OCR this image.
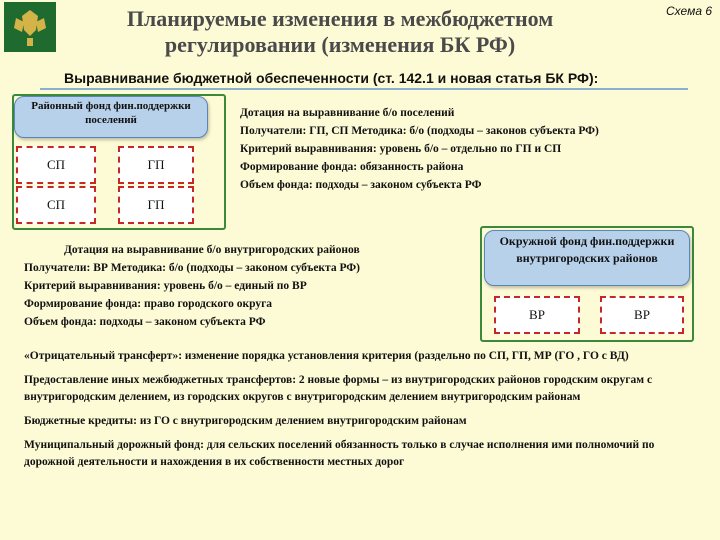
Планируемые изменения в межбюджетном
регулировании (изменения БК РФ)
Схема 6
Выравнивание бюджетной обеспеченности (ст. 142.1 и новая статья БК РФ):
Районный фонд фин.поддержки поселений
СП	ГП
СП	ГП
Дотация на выравнивание б/о поселений
Получатели: ГП, СП Методика: б/о (подходы – законов субъекта РФ)
Критерий выравнивания: уровень б/о – отдельно по ГП и СП
Формирование фонда: обязанность района
Объем фонда: подходы – законом субъекта РФ
Дотация на выравнивание б/о внутригородских районов
Получатели: ВР Методика: б/о (подходы – законом субъекта РФ)
Критерий выравнивания: уровень б/о – единый по ВР
Формирование фонда: право городского округа
Объем фонда: подходы – законом субъекта РФ
Окружной фонд фин.поддержки внутригородских районов
ВР	ВР

«Отрицательный трансферт»: изменение порядка установления критерия (раздельно по СП, ГП, МР (ГО , ГО с ВД)

Предоставление иных межбюджетных трансфертов: 2 новые формы – из внутригородских районов городским округам с внутригородским делением, из городских округов с внутригородским делением внутригородским районам

Бюджетные кредиты: из ГО с внутригородским делением внутригородским районам

Муниципальный дорожный фонд: для сельских поселений обязанность только в случае исполнения ими полномочий по дорожной деятельности и нахождения в их собственности местных дорог
